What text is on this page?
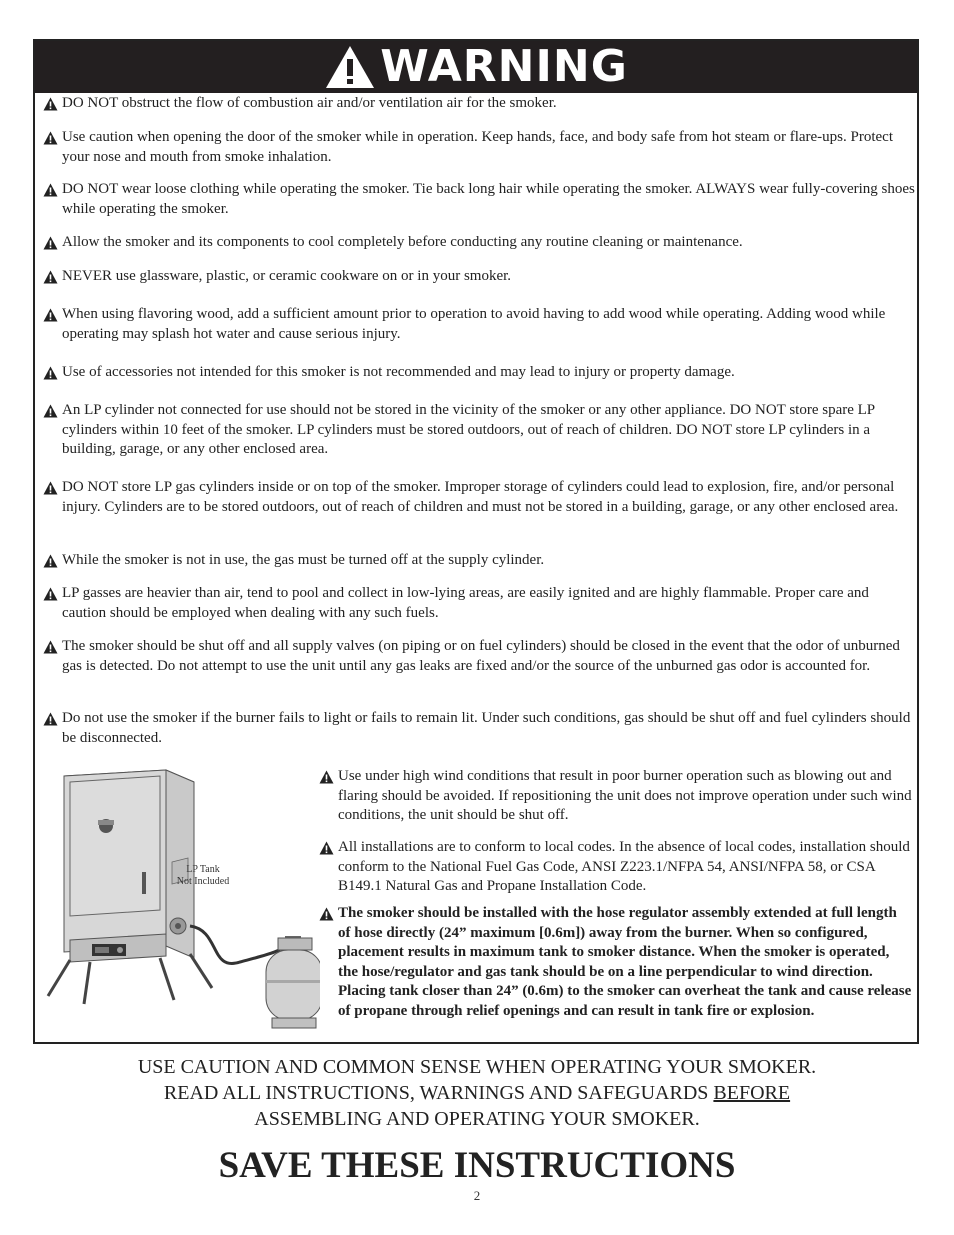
WARNING
DO NOT obstruct the flow of combustion air and/or ventilation air for the smoker.
Use caution when opening the door of the smoker while in operation. Keep hands, face, and body safe from hot steam or flare-ups. Protect your nose and mouth from smoke inhalation.
DO NOT wear loose clothing while operating the smoker. Tie back long hair while operating the smoker. ALWAYS wear fully-covering shoes while operating the smoker.
Allow the smoker and its components to cool completely before conducting any routine cleaning or maintenance.
NEVER use glassware, plastic, or ceramic cookware on or in your smoker.
When using flavoring wood, add a sufficient amount prior to operation to avoid having to add wood while operating. Adding wood while operating may splash hot water and cause serious injury.
Use of accessories not intended for this smoker is not recommended and may lead to injury or property damage.
An LP cylinder not connected for use should not be stored in the vicinity of the smoker or any other appliance. DO NOT store spare LP cylinders within 10 feet of the smoker. LP cylinders must be stored outdoors, out of reach of children. DO NOT store LP cylinders in a building, garage, or any other enclosed area.
DO NOT store LP gas cylinders inside or on top of the smoker. Improper storage of cylinders could lead to explosion, fire, and/or personal injury. Cylinders are to be stored outdoors, out of reach of children and must not be stored in a building, garage, or any other enclosed area.
While the smoker is not in use, the gas must be turned off at the supply cylinder.
LP gasses are heavier than air, tend to pool and collect in low-lying areas, are easily ignited and are highly flammable. Proper care and caution should be employed when dealing with any such fuels.
The smoker should be shut off and all supply valves (on piping or on fuel cylinders) should be closed in the event that the odor of unburned gas is detected. Do not attempt to use the unit until any gas leaks are fixed and/or the source of the unburned gas odor is accounted for.
Do not use the smoker if the burner fails to light or fails to remain lit. Under such conditions, gas should be shut off and fuel cylinders should be disconnected.
Use under high wind conditions that result in poor burner operation such as blowing out and flaring should be avoided. If repositioning the unit does not improve operation under such wind conditions, the unit should be shut off.
All installations are to conform to local codes. In the absence of local codes, installation should conform to the National Fuel Gas Code, ANSI Z223.1/NFPA 54, ANSI/NFPA 58, or CSA B149.1 Natural Gas and Propane Installation Code.
The smoker should be installed with the hose regulator assembly extended at full length of hose directly (24” maximum [0.6m]) away from the burner. When so configured, placement results in maximum tank to smoker distance. When the smoker is operated, the hose/regulator and gas tank should be on a line perpendicular to wind direction. Placing tank closer than 24” (0.6m) to the smoker can overheat the tank and cause release of propane through relief openings and can result in tank fire or explosion.
LP Tank
Not Included
USE CAUTION AND COMMON SENSE WHEN OPERATING YOUR SMOKER.
READ ALL INSTRUCTIONS, WARNINGS AND SAFEGUARDS BEFORE
ASSEMBLING AND OPERATING YOUR SMOKER.
SAVE THESE INSTRUCTIONS
2
